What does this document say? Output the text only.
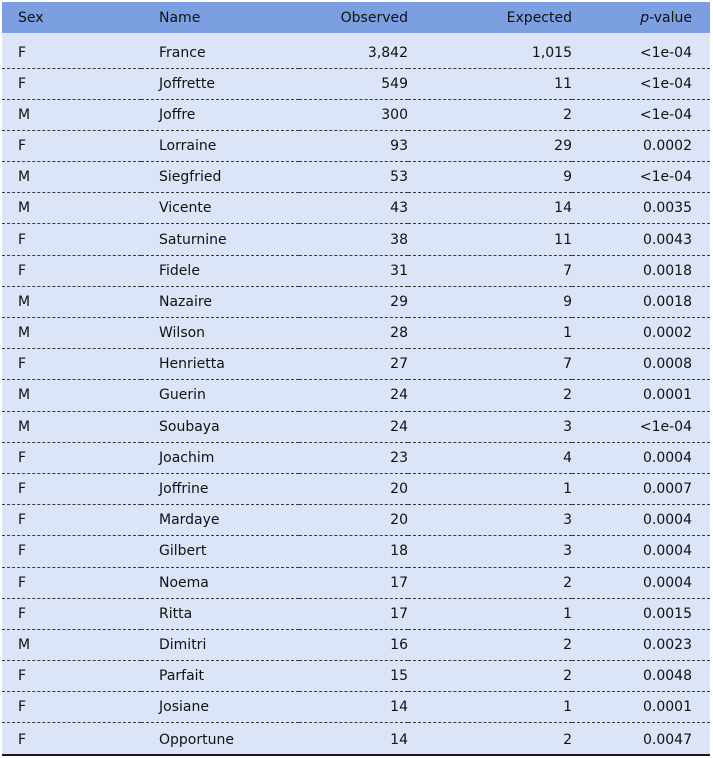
Sex	Name	Observed	Expected	p-value
F	France	3,842	1,015	<1e-04
F	Joffrette	549	11	<1e-04
M	Joffre	300	2	<1e-04
F	Lorraine	93	29	0.0002
M	Siegfried	53	9	<1e-04
M	Vicente	43	14	0.0035
F	Saturnine	38	11	0.0043
F	Fidele	31	7	0.0018
M	Nazaire	29	9	0.0018
M	Wilson	28	1	0.0002
F	Henrietta	27	7	0.0008
M	Guerin	24	2	0.0001
M	Soubaya	24	3	<1e-04
F	Joachim	23	4	0.0004
F	Joffrine	20	1	0.0007
F	Mardaye	20	3	0.0004
F	Gilbert	18	3	0.0004
F	Noema	17	2	0.0004
F	Ritta	17	1	0.0015
M	Dimitri	16	2	0.0023
F	Parfait	15	2	0.0048
F	Josiane	14	1	0.0001
F	Opportune	14	2	0.0047
